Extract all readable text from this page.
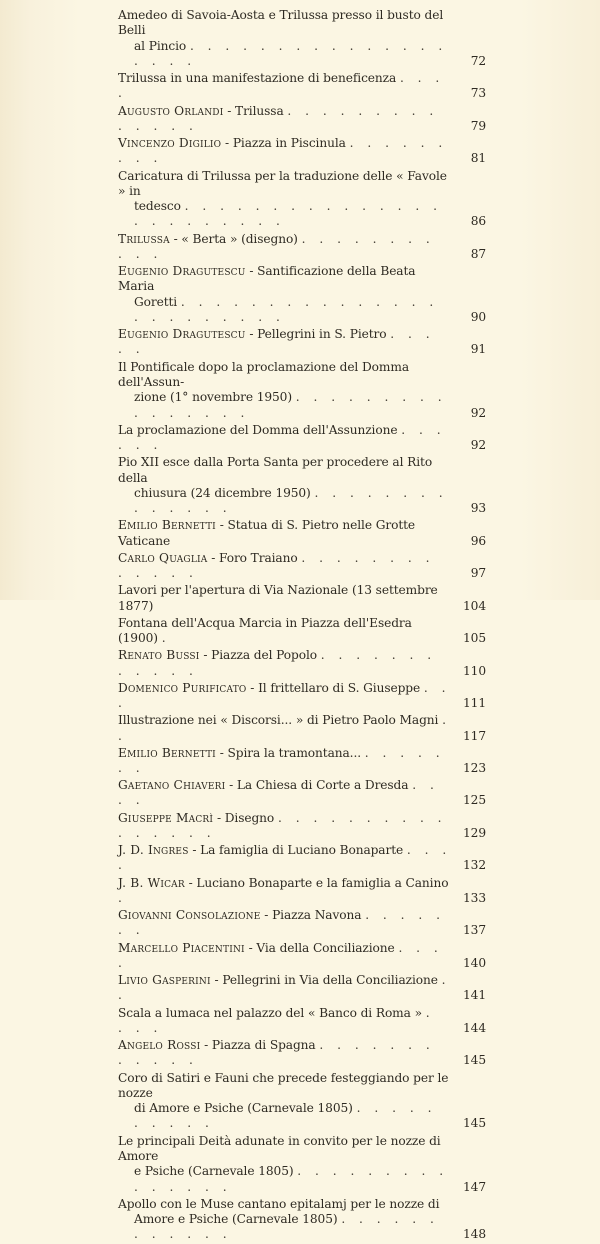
Amedeo di Savoia-Aosta e Trilussa presso il busto del Belli
al Pincio . . . . . . . . . . . . . . . . . . .	72
Trilussa in una manifestazione di beneficenza . . . .	73
Augusto Orlandi - Trilussa . . . . . . . . . . . . . .	79
Vincenzo Digilio - Piazza in Piscinula . . . . . . . . .	81
Caricatura di Trilussa per la traduzione delle « Favole » in
tedesco . . . . . . . . . . . . . . . . . . . . . . . .	86
Trilussa - « Berta » (disegno) . . . . . . . . . . .	87
Eugenio Dragutescu - Santificazione della Beata Maria
Goretti . . . . . . . . . . . . . . . . . . . . . . . .	90
Eugenio Dragutescu - Pellegrini in S. Pietro . . . . .	91
Il Pontificale dopo la proclamazione del Domma dell'Assun-
zione (1° novembre 1950) . . . . . . . . . . . . . . . .	92
La proclamazione del Domma dell'Assunzione . . . . . .	92
Pio XII esce dalla Porta Santa per procedere al Rito della
chiusura (24 dicembre 1950) . . . . . . . . . . . . . .	93
Emilio Bernetti - Statua di S. Pietro nelle Grotte Vaticane	96
Carlo Quaglia - Foro Traiano . . . . . . . . . . . . .	97
Lavori per l'apertura di Via Nazionale (13 settembre 1877)	104
Fontana dell'Acqua Marcia in Piazza dell'Esedra (1900) .	105
Renato Bussi - Piazza del Popolo . . . . . . . . . . . .	110
Domenico Purificato - Il frittellaro di S. Giuseppe . . .	111
Illustrazione nei « Discorsi... » di Pietro Paolo Magni . .	117
Emilio Bernetti - Spira la tramontana... . . . . . . .	123
Gaetano Chiaveri - La Chiesa di Corte a Dresda . . . .	125
Giuseppe Macrì - Disegno . . . . . . . . . . . . . . . .	129
J. D. Ingres - La famiglia di Luciano Bonaparte . . . .	132
J. B. Wicar - Luciano Bonaparte e la famiglia a Canino .	133
Giovanni Consolazione - Piazza Navona . . . . . . .	137
Marcello Piacentini - Via della Conciliazione . . . .	140
Livio Gasperini - Pellegrini in Via della Conciliazione . .	141
Scala a lumaca nel palazzo del « Banco di Roma » . . . .	144
Angelo Rossi - Piazza di Spagna . . . . . . . . . . . .	145
Coro di Satiri e Fauni che precede festeggiando per le nozze
di Amore e Psiche (Carnevale 1805) . . . . . . . . . .	145
Le principali Deità adunate in convito per le nozze di Amore
e Psiche (Carnevale 1805) . . . . . . . . . . . . . . .	147
Apollo con le Muse cantano epitalamj per le nozze di
Amore e Psiche (Carnevale 1805) . . . . . . . . . . . .	148
